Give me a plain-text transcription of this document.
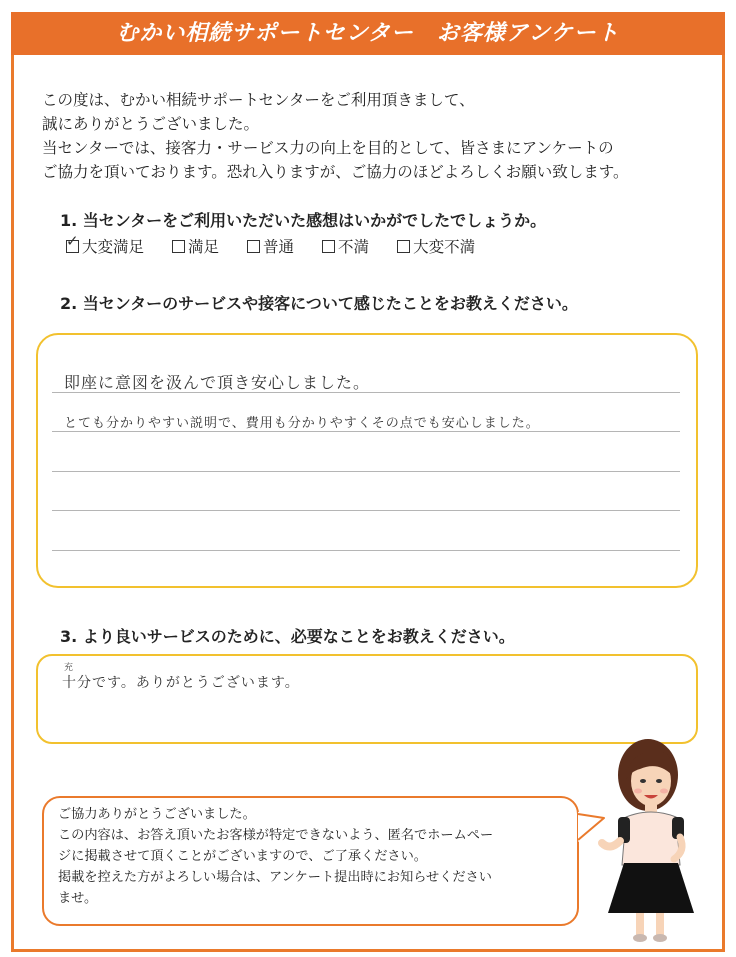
むかい相続サポートセンター　お客様アンケート
この度は、むかい相続サポートセンターをご利用頂きまして、
誠にありがとうございました。
当センターでは、接客力・サービス力の向上を目的として、皆さまにアンケートの
ご協力を頂いております。恐れ入りますが、ご協力のほどよろしくお願い致します。
1. 当センターをご利用いただいた感想はいかがでしたでしょうか。
✓ 大変満足	満足	普通	不満	大変不満
2. 当センターのサービスや接客について感じたことをお教えください。
即座に意図を汲んで頂き安心しました。
とても分かりやすい説明で、費用も分かりやすくその点でも安心しました。
3. より良いサービスのために、必要なことをお教えください。
充
十分です。ありがとうございます。
ご協力ありがとうございました。
この内容は、お答え頂いたお客様が特定できないよう、匿名でホームペー
ジに掲載させて頂くことがございますので、ご了承ください。
掲載を控えた方がよろしい場合は、アンケート提出時にお知らせください
ませ。
